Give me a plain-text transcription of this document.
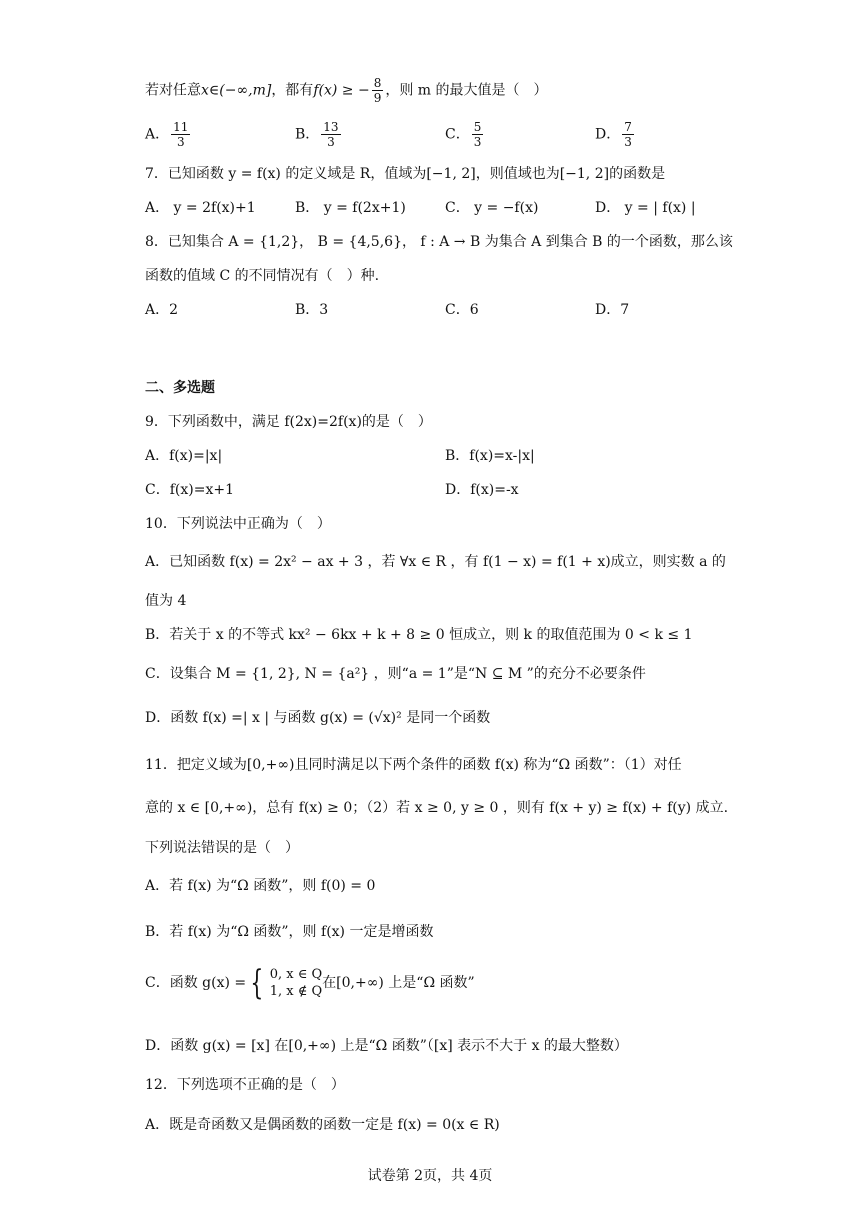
若对任意x∈(−∞,m]，都有f(x) ≥ − $\frac{8}{9}$ ，则 m 的最大值是（　）
A． $\frac{11}{3}$	B． $\frac{13}{3}$	C． $\frac{5}{3}$	D． $\frac{7}{3}$
7．已知函数 y = f(x) 的定义域是 R，值域为[−1, 2]，则值域也为[−1, 2]的函数是
A． y = 2f(x)+1	B． y = f(2x+1)	C． y = −f(x)	D． y = | f(x) |
8．已知集合 A = {1,2}， B = {4,5,6}， f : A → B 为集合 A 到集合 B 的一个函数，那么该
函数的值域 C 的不同情况有（　）种.
A．2	B．3	C．6	D．7
二、多选题
9．下列函数中，满足 f(2x)=2f(x)的是（　）
A．f(x)=|x|	B．f(x)=x-|x|
C．f(x)=x+1	D．f(x)=-x
10．下列说法中正确为（　）
A．已知函数 f(x) = 2x² − ax + 3 ，若 ∀x ∈ R ，有 f(1 − x) = f(1 + x)成立，则实数 a 的
值为 4
B．若关于 x 的不等式 kx² − 6kx + k + 8 ≥ 0 恒成立，则 k 的取值范围为 0 < k ≤ 1
C．设集合 M = {1, 2}, N = {a²} ，则“a = 1”是“N ⊆ M ”的充分不必要条件
D．函数 f(x) =| x | 与函数 g(x) = (√x)² 是同一个函数
11．把定义域为[0,+∞)且同时满足以下两个条件的函数 f(x) 称为“Ω 函数”：（1）对任
意的 x ∈ [0,+∞)，总有 f(x) ≥ 0；（2）若 x ≥ 0, y ≥ 0 ，则有 f(x + y) ≥ f(x) + f(y) 成立.
下列说法错误的是（　）
A．若 f(x) 为“Ω 函数”，则 f(0) = 0
B．若 f(x) 为“Ω 函数”，则 f(x) 一定是增函数
C．函数 g(x) = { 0, x ∈ Q
1, x ∉ Q
在[0,+∞) 上是“Ω 函数”
D．函数 g(x) = [x] 在[0,+∞) 上是“Ω 函数”（[x] 表示不大于 x 的最大整数）
12．下列选项不正确的是（　）
A．既是奇函数又是偶函数的函数一定是 f(x) = 0(x ∈ R)
试卷第 2页，共 4页
